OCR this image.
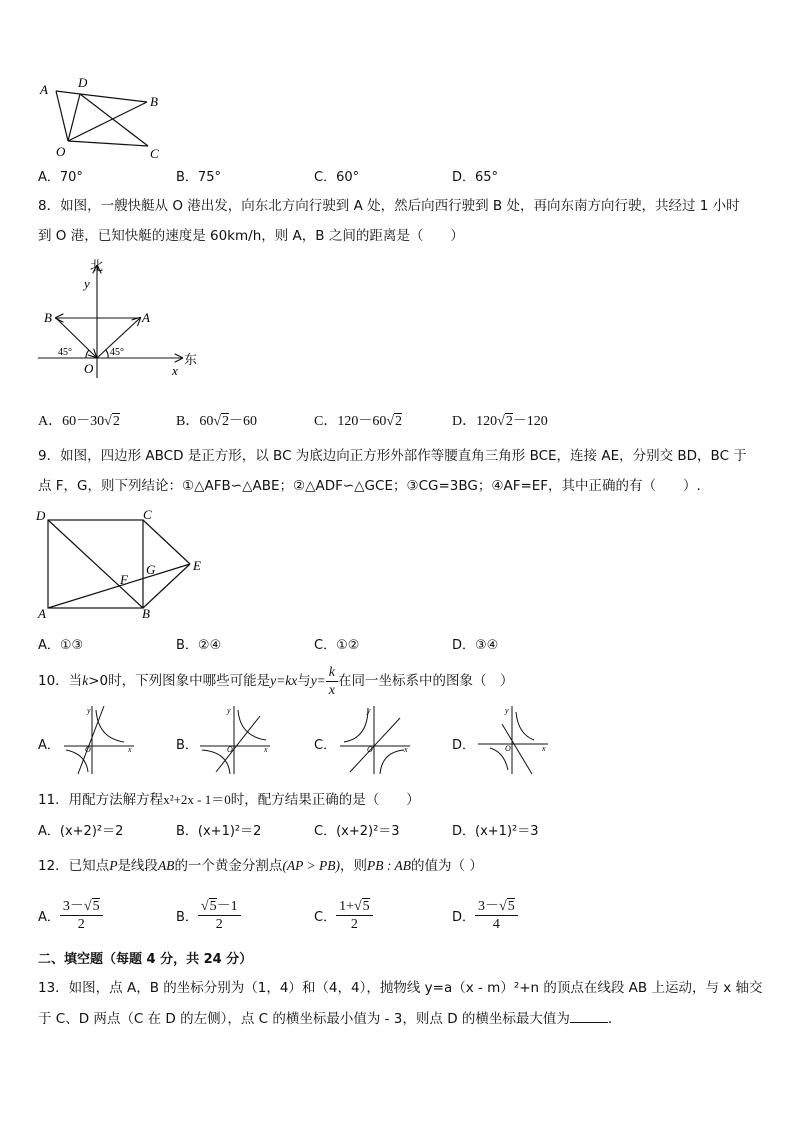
A D
B
O	C
A．70°	B．75°	C．60°	D．65°
8．如图，一艘快艇从 O 港出发，向东北方向行驶到 A 处，然后向西行驶到 B 处，再向东南方向行驶，共经过 1 小时
到 O 港，已知快艇的速度是 60km/h，则 A，B 之间的距离是（　　）
北
y
B	A
45°	45°	东
O	x
A．60－30√2	B．60√2－60	C．120－60√2	D．120√2－120
9．如图，四边形 ABCD 是正方形，以 BC 为底边向正方形外部作等腰直角三角形 BCE，连接 AE，分别交 BD，BC 于
点 F，G，则下列结论：①△AFB∽△ABE；②△ADF∽△GCE；③CG=3BG；④AF=EF，其中正确的有（　　）.
D	C
E
F
G
A	B
A．①③	B．②④	C．①②	D．③④
10．当k>0时，下列图象中哪些可能是y=kx与$y= \frac{k}{x}$ 在同一坐标系中的图象（　）
A．
y
O	x	B．
y
O	x	C．
y
O	x	D．
y
O	x
11．用配方法解方程x²+2x - 1＝0时，配方结果正确的是（　　）
A．(x+2)²＝2	B．(x+1)²＝2	C．(x+2)²＝3	D．(x+1)²＝3
12．已知点P是线段AB的一个黄金分割点(AP > PB)，则PB : AB的值为（ ）
A． $\frac{3-√5}{2}$	B． $\frac{√5-1}{2}$	C． $\frac{1+√5}{2}$	D． $\frac{3-√5}{4}$
二、填空题（每题 4 分，共 24 分）
13．如图，点 A，B 的坐标分别为（1，4）和（4，4），抛物线 y=a（x - m）²+n 的顶点在线段 AB 上运动，与 x 轴交
于 C、D 两点（C 在 D 的左侧），点 C 的横坐标最小值为 - 3，则点 D 的横坐标最大值为	.
